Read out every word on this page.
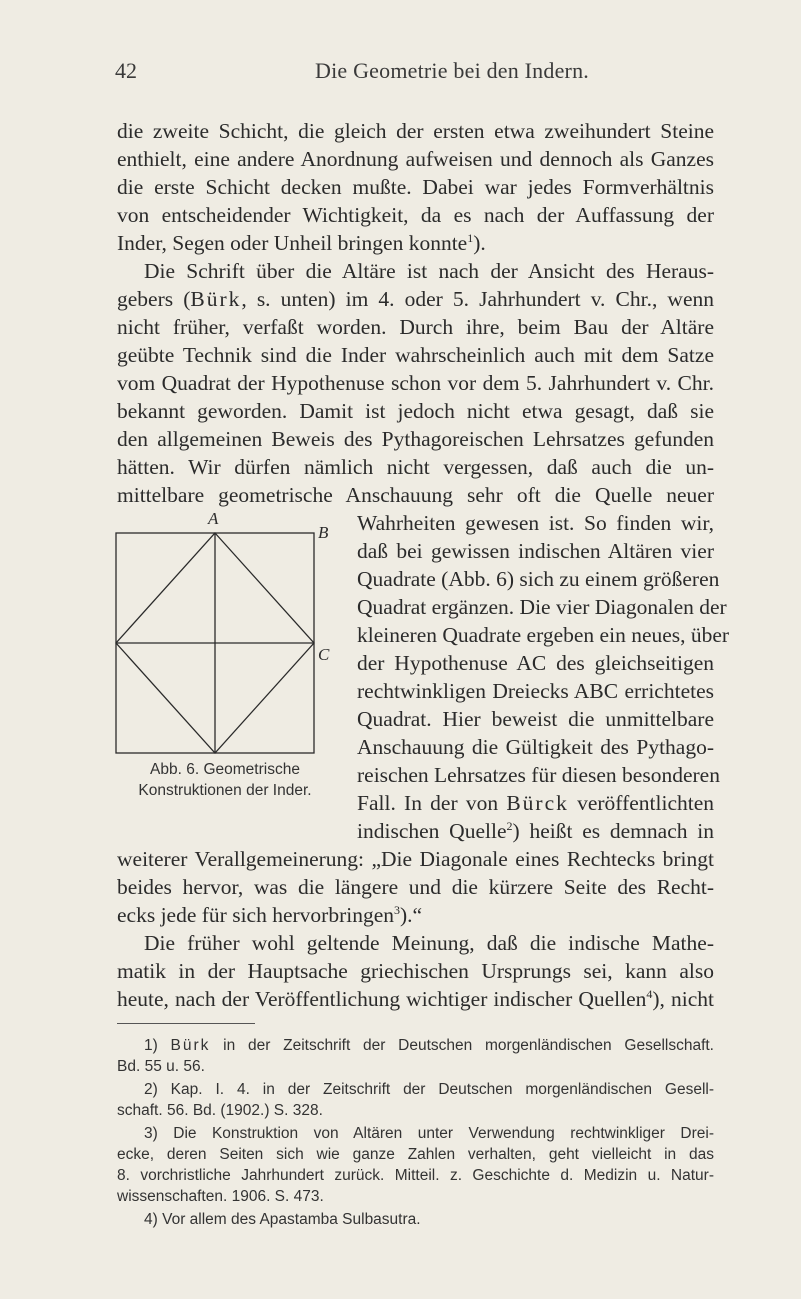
42	Die Geometrie bei den Indern.
die zweite Schicht, die gleich der ersten etwa zweihundert Steine
enthielt, eine andere Anordnung aufweisen und dennoch als Ganzes
die erste Schicht decken mußte. Dabei war jedes Formverhältnis
von entscheidender Wichtigkeit, da es nach der Auffassung der
Inder, Segen oder Unheil bringen konnte$^1$).
Die Schrift über die Altäre ist nach der Ansicht des Heraus-
gebers (Bürk, s. unten) im 4. oder 5. Jahrhundert v. Chr., wenn
nicht früher, verfaßt worden. Durch ihre, beim Bau der Altäre
geübte Technik sind die Inder wahrscheinlich auch mit dem Satze
vom Quadrat der Hypothenuse schon vor dem 5. Jahrhundert v. Chr.
bekannt geworden. Damit ist jedoch nicht etwa gesagt, daß sie
den allgemeinen Beweis des Pythagoreischen Lehrsatzes gefunden
hätten. Wir dürfen nämlich nicht vergessen, daß auch die un-
mittelbare geometrische Anschauung sehr oft die Quelle neuer
Wahrheiten gewesen ist. So finden wir,
daß bei gewissen indischen Altären vier
Quadrate (Abb. 6) sich zu einem größeren
Quadrat ergänzen. Die vier Diagonalen der
kleineren Quadrate ergeben ein neues, über
der Hypothenuse AC des gleichseitigen
rechtwinkligen Dreiecks ABC errichtetes
Quadrat. Hier beweist die unmittelbare
Anschauung die Gültigkeit des Pythago-
reischen Lehrsatzes für diesen besonderen
Fall. In der von Bürck veröffentlichten
indischen Quelle$^2$) heißt es demnach in
weiterer Verallgemeinerung: „Die Diagonale eines Rechtecks bringt
beides hervor, was die längere und die kürzere Seite des Recht-
ecks jede für sich hervorbringen$^3$).“
Die früher wohl geltende Meinung, daß die indische Mathe-
matik in der Hauptsache griechischen Ursprungs sei, kann also
heute, nach der Veröffentlichung wichtiger indischer Quellen$^4$), nicht
A
B
C
Abb. 6. Geometrische
Konstruktionen der Inder.
1) Bürk in der Zeitschrift der Deutschen morgenländischen Gesellschaft.
Bd. 55 u. 56.
2) Kap. I. 4. in der Zeitschrift der Deutschen morgenländischen Gesell-
schaft. 56. Bd. (1902.) S. 328.
3) Die Konstruktion von Altären unter Verwendung rechtwinkliger Drei-
ecke, deren Seiten sich wie ganze Zahlen verhalten, geht vielleicht in das
8. vorchristliche Jahrhundert zurück. Mitteil. z. Geschichte d. Medizin u. Natur-
wissenschaften. 1906. S. 473.
4) Vor allem des Apastamba Sulbasutra.
